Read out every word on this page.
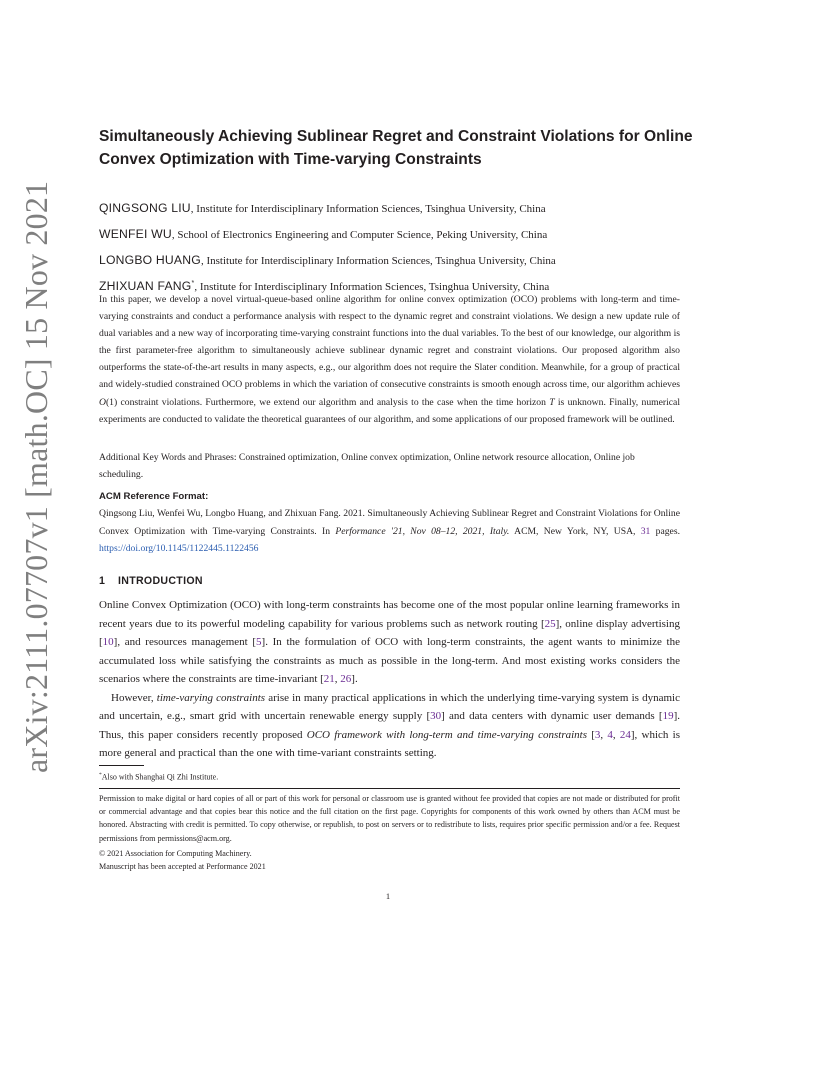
arXiv:2111.07707v1 [math.OC] 15 Nov 2021
Simultaneously Achieving Sublinear Regret and Constraint Violations for Online Convex Optimization with Time-varying Constraints
QINGSONG LIU, Institute for Interdisciplinary Information Sciences, Tsinghua University, China
WENFEI WU, School of Electronics Engineering and Computer Science, Peking University, China
LONGBO HUANG, Institute for Interdisciplinary Information Sciences, Tsinghua University, China
ZHIXUAN FANG*, Institute for Interdisciplinary Information Sciences, Tsinghua University, China

In this paper, we develop a novel virtual-queue-based online algorithm for online convex optimization (OCO) problems with long-term and time-varying constraints and conduct a performance analysis with respect to the dynamic regret and constraint violations. We design a new update rule of dual variables and a new way of incorporating time-varying constraint functions into the dual variables. To the best of our knowledge, our algorithm is the first parameter-free algorithm to simultaneously achieve sublinear dynamic regret and constraint violations. Our proposed algorithm also outperforms the state-of-the-art results in many aspects, e.g., our algorithm does not require the Slater condition. Meanwhile, for a group of practical and widely-studied constrained OCO problems in which the variation of consecutive constraints is smooth enough across time, our algorithm achieves O(1) constraint violations. Furthermore, we extend our algorithm and analysis to the case when the time horizon T is unknown. Finally, numerical experiments are conducted to validate the theoretical guarantees of our algorithm, and some applications of our proposed framework will be outlined.

Additional Key Words and Phrases: Constrained optimization, Online convex optimization, Online network resource allocation, Online job scheduling.

ACM Reference Format:

Qingsong Liu, Wenfei Wu, Longbo Huang, and Zhixuan Fang. 2021. Simultaneously Achieving Sublinear Regret and Constraint Violations for Online Convex Optimization with Time-varying Constraints. In Performance '21, Nov 08–12, 2021, Italy. ACM, New York, NY, USA, 31 pages. https://doi.org/10.1145/1122445.1122456

1 INTRODUCTION

Online Convex Optimization (OCO) with long-term constraints has become one of the most popular online learning frameworks in recent years due to its powerful modeling capability for various problems such as network routing [25], online display advertising [10], and resources management [5]. In the formulation of OCO with long-term constraints, the agent wants to minimize the accumulated loss while satisfying the constraints as much as possible in the long-term. And most existing works considers the scenarios where the constraints are time-invariant [21, 26].

However, time-varying constraints arise in many practical applications in which the underlying time-varying system is dynamic and uncertain, e.g., smart grid with uncertain renewable energy supply [30] and data centers with dynamic user demands [19]. Thus, this paper considers recently proposed OCO framework with long-term and time-varying constraints [3, 4, 24], which is more general and practical than the one with time-variant constraints setting.

*Also with Shanghai Qi Zhi Institute.

Permission to make digital or hard copies of all or part of this work for personal or classroom use is granted without fee provided that copies are not made or distributed for profit or commercial advantage and that copies bear this notice and the full citation on the first page. Copyrights for components of this work owned by others than ACM must be honored. Abstracting with credit is permitted. To copy otherwise, or republish, to post on servers or to redistribute to lists, requires prior specific permission and/or a fee. Request permissions from permissions@acm.org.

© 2021 Association for Computing Machinery.
Manuscript has been accepted at Performance 2021
1
